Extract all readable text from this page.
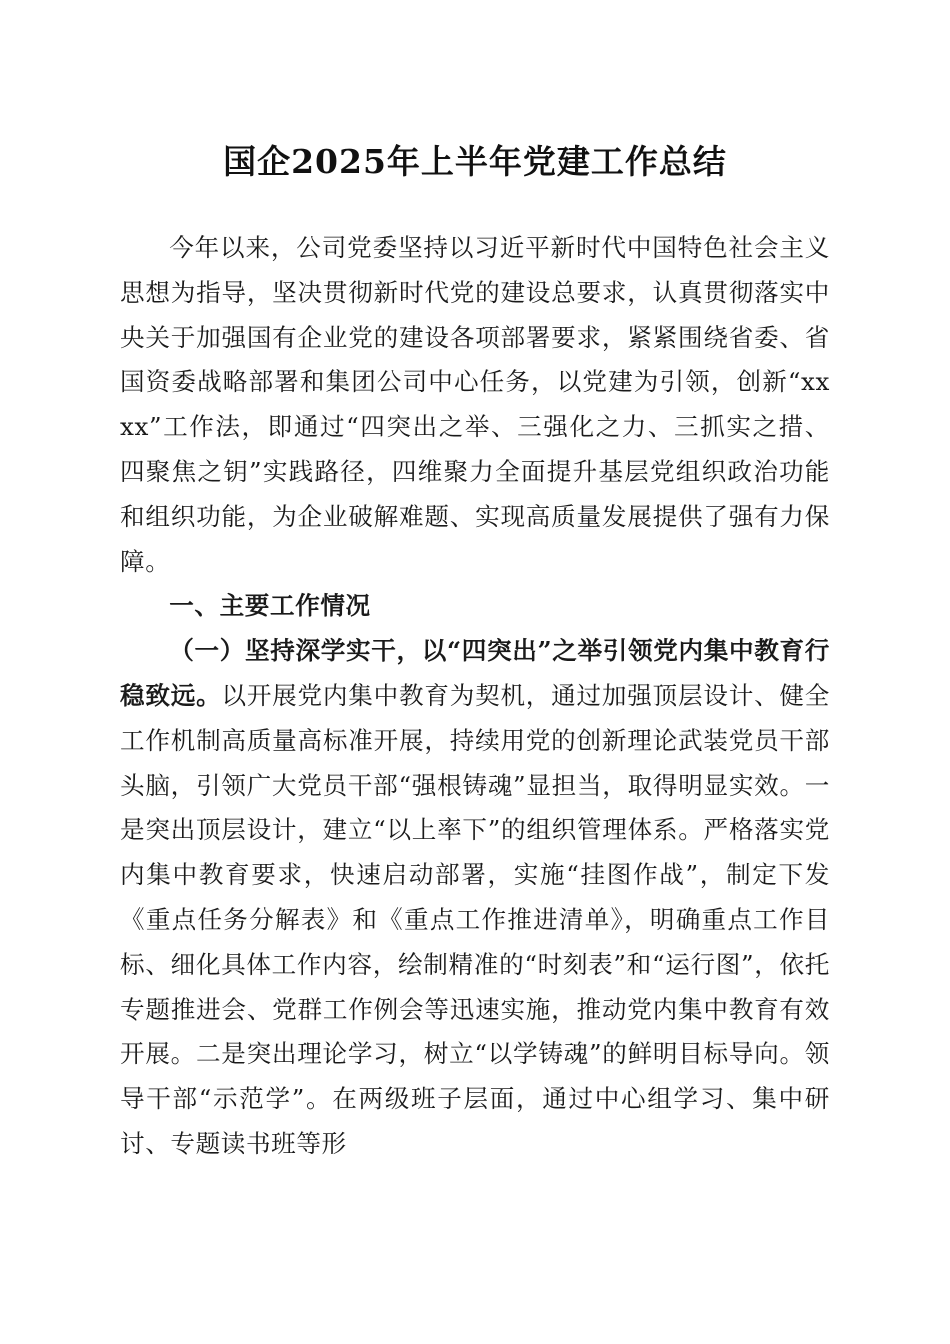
国企2025年上半年党建工作总结

今年以来，公司党委坚持以习近平新时代中国特色社会主义思想为指导，坚决贯彻新时代党的建设总要求，认真贯彻落实中央关于加强国有企业党的建设各项部署要求，紧紧围绕省委、省国资委战略部署和集团公司中心任务，以党建为引领，创新“xxxx”工作法，即通过“四突出之举、三强化之力、三抓实之措、四聚焦之钥”实践路径，四维聚力全面提升基层党组织政治功能和组织功能，为企业破解难题、实现高质量发展提供了强有力保障。

一、主要工作情况

（一）坚持深学实干，以“四突出”之举引领党内集中教育行稳致远。以开展党内集中教育为契机，通过加强顶层设计、健全工作机制高质量高标准开展，持续用党的创新理论武装党员干部头脑，引领广大党员干部“强根铸魂”显担当，取得明显实效。一是突出顶层设计，建立“以上率下”的组织管理体系。严格落实党内集中教育要求，快速启动部署，实施“挂图作战”，制定下发《重点任务分解表》和《重点工作推进清单》，明确重点工作目标、细化具体工作内容，绘制精准的“时刻表”和“运行图”，依托专题推进会、党群工作例会等迅速实施，推动党内集中教育有效开展。二是突出理论学习，树立“以学铸魂”的鲜明目标导向。领导干部“示范学”。在两级班子层面，通过中心组学习、集中研讨、专题读书班等形
